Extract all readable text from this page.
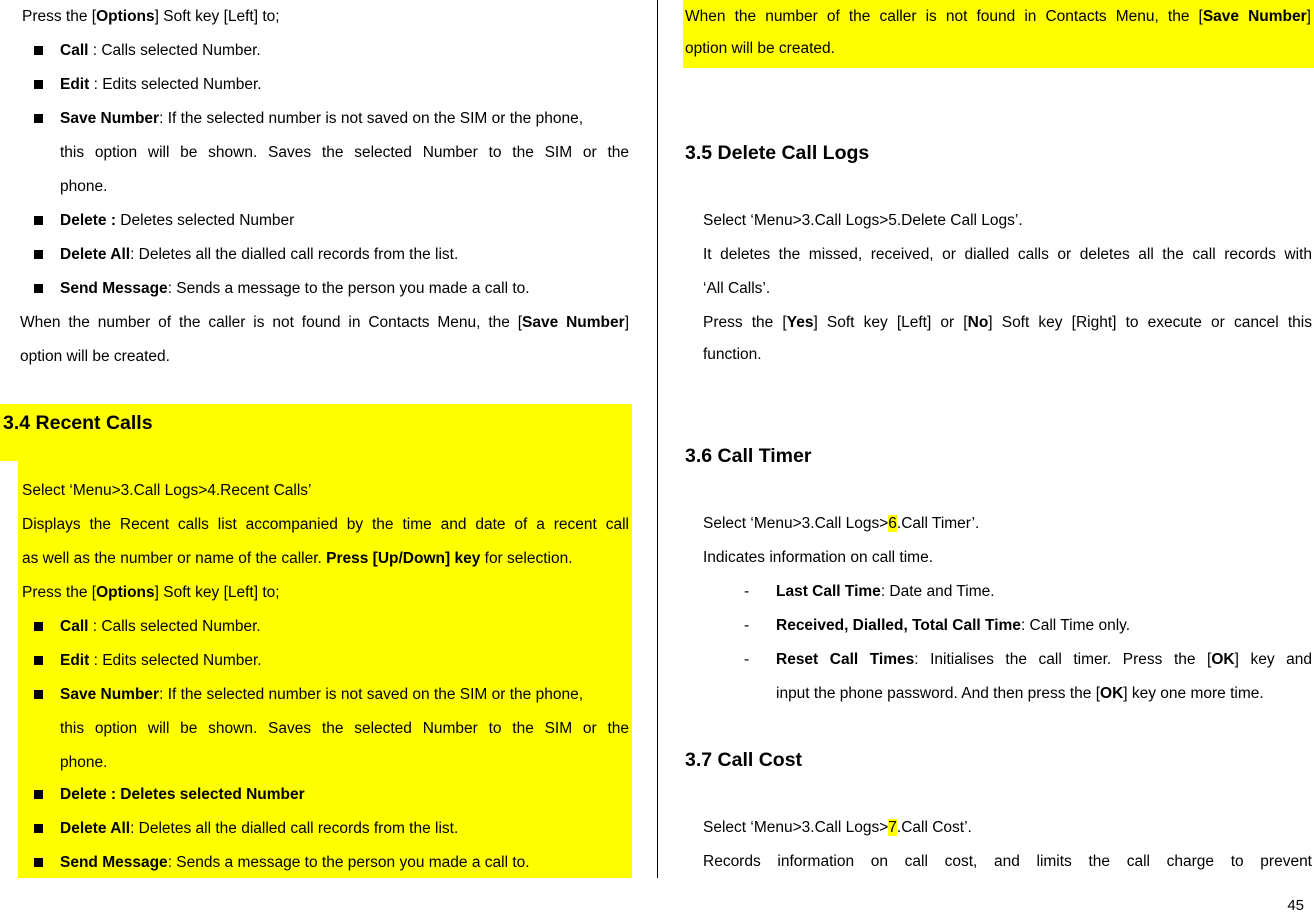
Press the [Options] Soft key [Left] to;
Call : Calls selected Number.
Edit : Edits selected Number.
Save Number: If the selected number is not saved on the SIM or the phone,
this option will be shown. Saves the selected Number to the SIM or the
phone.
Delete : Deletes selected Number
Delete All: Deletes all the dialled call records from the list.
Send Message: Sends a message to the person you made a call to.
When the number of the caller is not found in Contacts Menu, the [Save Number]
option will be created.
3.4 Recent Calls
Select ‘Menu>3.Call Logs>4.Recent Calls’
Displays the Recent calls list accompanied by the time and date of a recent call
as well as the number or name of the caller. Press [Up/Down] key for selection.
Press the [Options] Soft key [Left] to;
Call : Calls selected Number.
Edit : Edits selected Number.
Save Number: If the selected number is not saved on the SIM or the phone,
this option will be shown. Saves the selected Number to the SIM or the
phone.
Delete : Deletes selected Number
Delete All: Deletes all the dialled call records from the list.
Send Message: Sends a message to the person you made a call to.
When the number of the caller is not found in Contacts Menu, the [Save Number]
option will be created.
3.5 Delete Call Logs
Select ‘Menu>3.Call Logs>5.Delete Call Logs’.
It deletes the missed, received, or dialled calls or deletes all the call records with
‘All Calls’.
Press the [Yes] Soft key [Left] or [No] Soft key [Right] to execute or cancel this
function.
3.6 Call Timer
Select ‘Menu>3.Call Logs>6.Call Timer’.
Indicates information on call time.
- Last Call Time: Date and Time.
- Received, Dialled, Total Call Time: Call Time only.
- Reset Call Times: Initialises the call timer. Press the [OK] key and
input the phone password. And then press the [OK] key one more time.
3.7 Call Cost
Select ‘Menu>3.Call Logs>7.Call Cost’.
Records information on call cost, and limits the call charge to prevent
45
